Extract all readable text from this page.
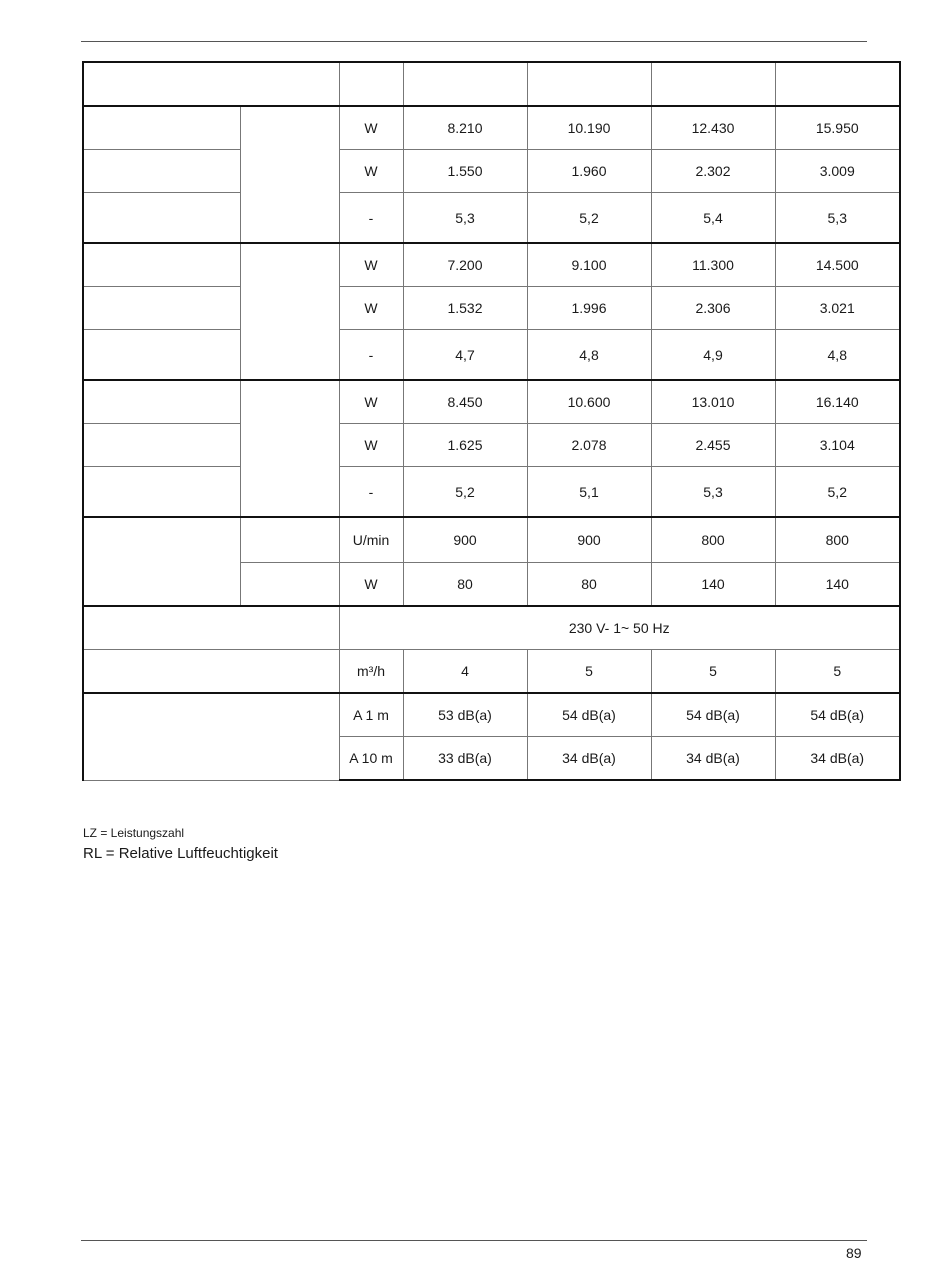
		W	8.210	10.190	12.430	15.950
		W	1.550	1.960	2.302	3.009
		-	5,3	5,2	5,4	5,3
		W	7.200	9.100	11.300	14.500
		W	1.532	1.996	2.306	3.021
		-	4,7	4,8	4,9	4,8
		W	8.450	10.600	13.010	16.140
		W	1.625	2.078	2.455	3.104
		-	5,2	5,1	5,3	5,2
		U/min	900	900	800	800
		W	80	80	140	140
		230 V- 1~ 50 Hz				
		m³/h	4	5	5	5
		A 1 m	53 dB(a)	54 dB(a)	54 dB(a)	54 dB(a)
		A 10 m	33 dB(a)	34 dB(a)	34 dB(a)	34 dB(a)
LZ = Leistungszahl
RL = Relative Luftfeuchtigkeit
89
